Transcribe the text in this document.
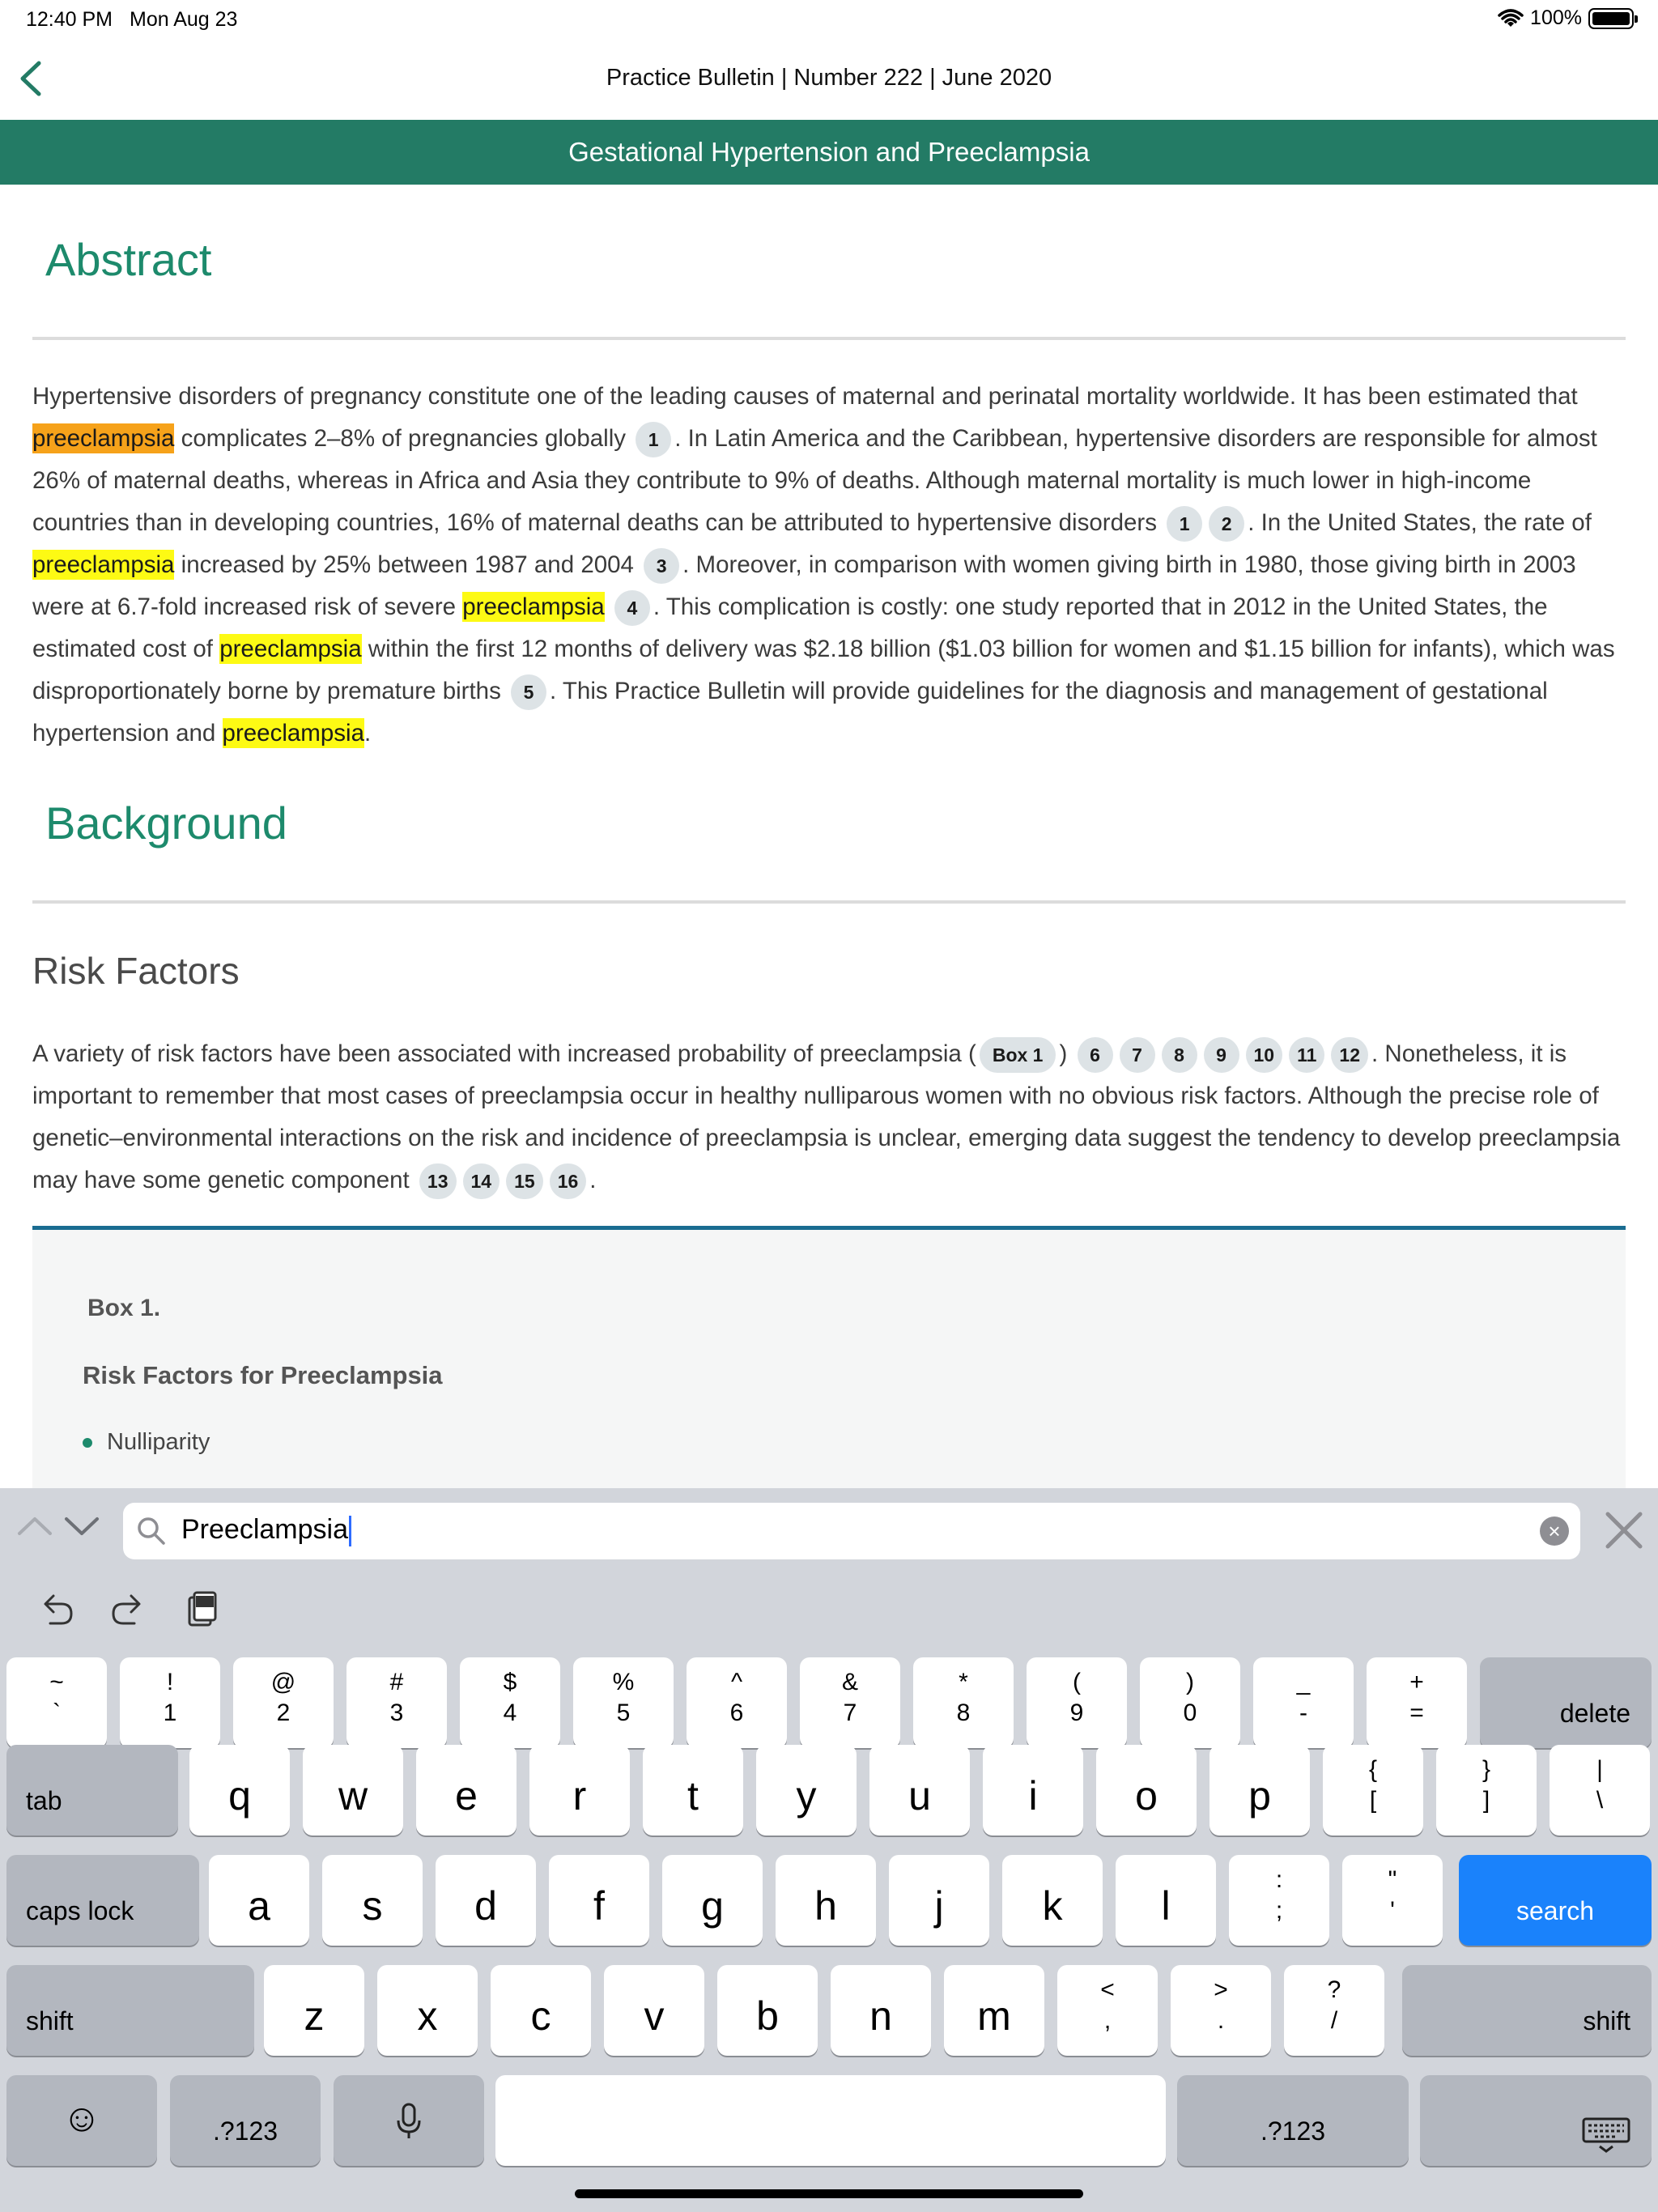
12:40 PM Mon Aug 23	100%
Practice Bulletin | Number 222 | June 2020
Gestational Hypertension and Preeclampsia
Abstract
Hypertensive disorders of pregnancy constitute one of the leading causes of maternal and perinatal mortality worldwide. It has been estimated that preeclampsia complicates 2–8% of pregnancies globally 1 . In Latin America and the Caribbean, hypertensive disorders are responsible for almost 26% of maternal deaths, whereas in Africa and Asia they contribute to 9% of deaths. Although maternal mortality is much lower in high-income countries than in developing countries, 16% of maternal deaths can be attributed to hypertensive disorders 1 2 . In the United States, the rate of preeclampsia increased by 25% between 1987 and 2004 3 . Moreover, in comparison with women giving birth in 1980, those giving birth in 2003 were at 6.7-fold increased risk of severe preeclampsia 4 . This complication is costly: one study reported that in 2012 in the United States, the estimated cost of preeclampsia within the first 12 months of delivery was $2.18 billion ($1.03 billion for women and $1.15 billion for infants), which was disproportionately borne by premature births 5 . This Practice Bulletin will provide guidelines for the diagnosis and management of gestational hypertension and preeclampsia.
Background
Risk Factors
A variety of risk factors have been associated with increased probability of preeclampsia ( Box 1 ) 6 7 8 9 10 11 12 . Nonetheless, it is important to remember that most cases of preeclampsia occur in healthy nulliparous women with no obvious risk factors. Although the precise role of genetic–environmental interactions on the risk and incidence of preeclampsia is unclear, emerging data suggest the tendency to develop preeclampsia may have some genetic component 13 14 15 16 .
Box 1.
Risk Factors for Preeclampsia
Nulliparity
Preeclampsia	×
~
`
!
1
@
2
#
3
$
4
%
5
^
6
&
7
*
8
(
9
)
0
_
-
+
=	delete
tab	q	w	e	r	t	y	u	i	o	p
{
[
}
]
|
\
caps lock	a	s	d	f	g	h	j	k	l
:
;
"
'	search
shift	z	x	c	v	b	n	m
<
,
>
.
?
/	shift
☺	.?123	.?123
